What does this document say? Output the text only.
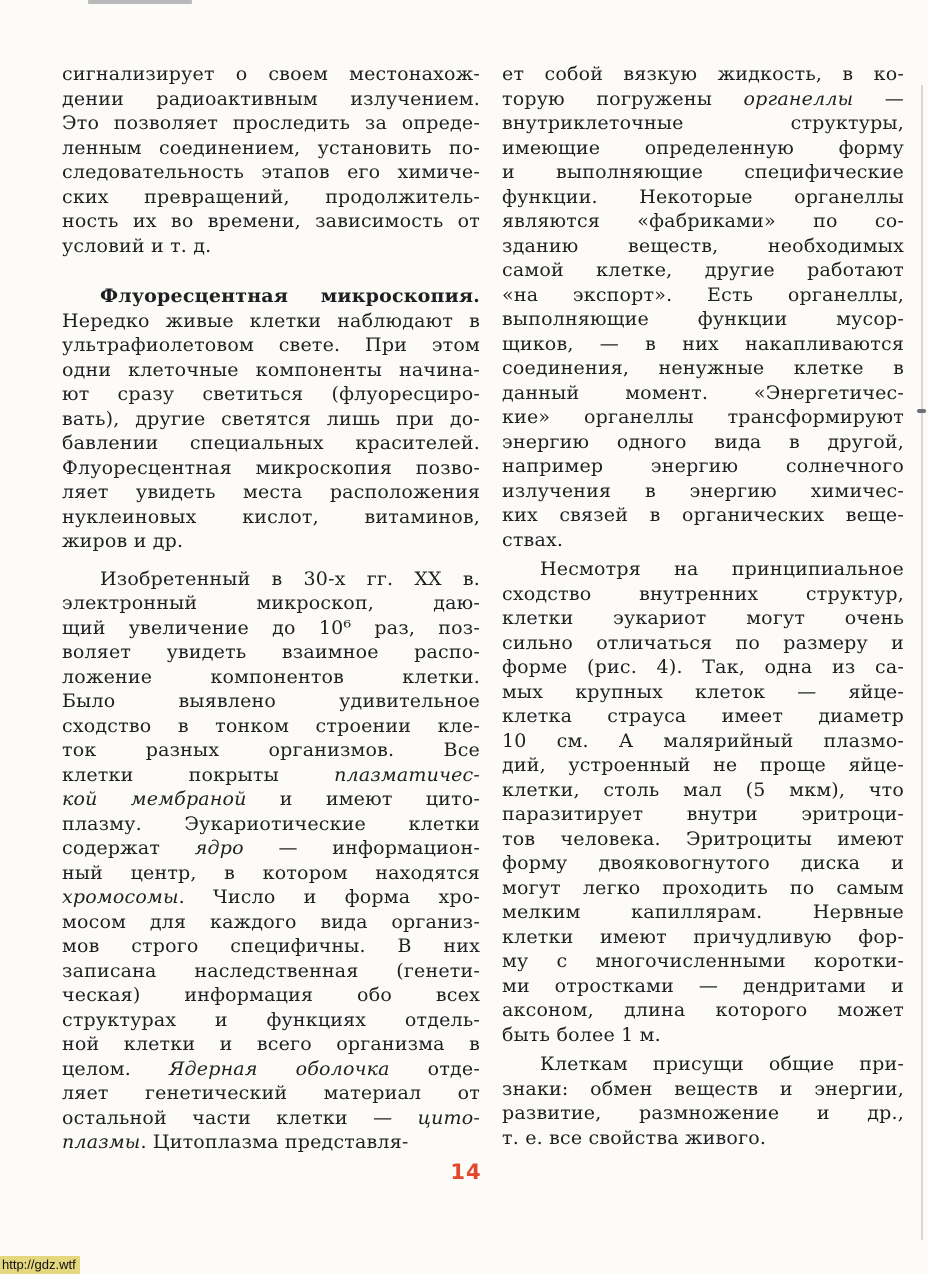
сигнализирует о своем местонахож-
дении радиоактивным излучением.
Это позволяет проследить за опреде-
ленным соединением, установить по-
следовательность этапов его химиче-
ских превращений, продолжитель-
ность их во времени, зависимость от
условий и т. д.
Флуоресцентная микроскопия.
Нередко живые клетки наблюдают в
ультрафиолетовом свете. При этом
одни клеточные компоненты начина-
ют сразу светиться (флуоресциро-
вать), другие светятся лишь при до-
бавлении специальных красителей.
Флуоресцентная микроскопия позво-
ляет увидеть места расположения
нуклеиновых кислот, витаминов,
жиров и др.
Изобретенный в 30-х гг. XX в.
электронный микроскоп, даю-
щий увеличение до 10⁶ раз, поз-
воляет увидеть взаимное распо-
ложение компонентов клетки.
Было выявлено удивительное
сходство в тонком строении кле-
ток разных организмов. Все
клетки покрыты плазматичес-
кой мембраной и имеют цито-
плазму. Эукариотические клетки
содержат ядро — информацион-
ный центр, в котором находятся
хромосомы. Число и форма хро-
мосом для каждого вида организ-
мов строго специфичны. В них
записана наследственная (генети-
ческая) информация обо всех
структурах и функциях отдель-
ной клетки и всего организма в
целом. Ядерная оболочка отде-
ляет генетический материал от
остальной части клетки — цито-
плазмы. Цитоплазма представля-
ет собой вязкую жидкость, в ко-
торую погружены органеллы —
внутриклеточные структуры,
имеющие определенную форму
и выполняющие специфические
функции. Некоторые органеллы
являются «фабриками» по со-
зданию веществ, необходимых
самой клетке, другие работают
«на экспорт». Есть органеллы,
выполняющие функции мусор-
щиков, — в них накапливаются
соединения, ненужные клетке в
данный момент. «Энергетичес-
кие» органеллы трансформируют
энергию одного вида в другой,
например энергию солнечного
излучения в энергию химичес-
ких связей в органических веще-
ствах.
Несмотря на принципиальное
сходство внутренних структур,
клетки эукариот могут очень
сильно отличаться по размеру и
форме (рис. 4). Так, одна из са-
мых крупных клеток — яйце-
клетка страуса имеет диаметр
10 см. А малярийный плазмо-
дий, устроенный не проще яйце-
клетки, столь мал (5 мкм), что
паразитирует внутри эритроци-
тов человека. Эритроциты имеют
форму двояковогнутого диска и
могут легко проходить по самым
мелким капиллярам. Нервные
клетки имеют причудливую фор-
му с многочисленными коротки-
ми отростками — дендритами и
аксоном, длина которого может
быть более 1 м.
Клеткам присущи общие при-
знаки: обмен веществ и энергии,
развитие, размножение и др.,
т. е. все свойства живого.
14
http://gdz.wtf
